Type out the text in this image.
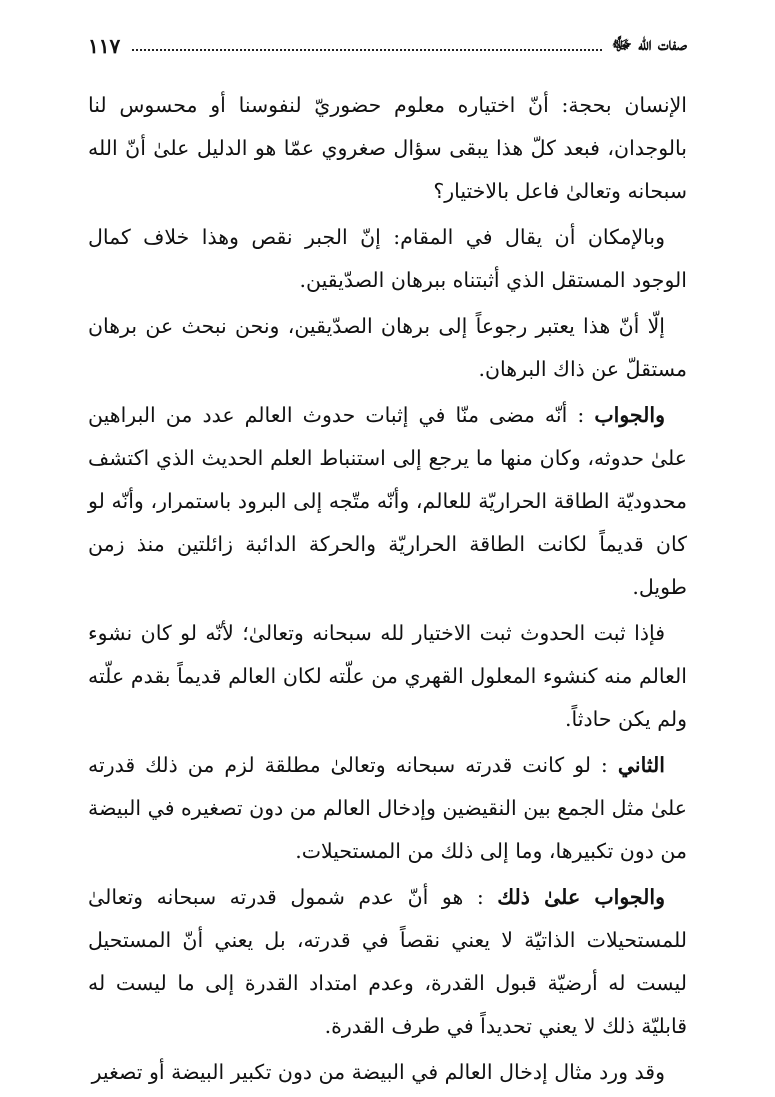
١١٧	صفات الله ﷻ

الإنسان بحجة: أنّ اختياره معلوم حضوريّ لنفوسنا أو محسوس لنا بالوجدان، فبعد كلّ هذا يبقى سؤال صغروي عمّا هو الدليل علىٰ أنّ الله سبحانه وتعالىٰ فاعل بالاختيار؟

وبالإمكان أن يقال في المقام: إنّ الجبر نقص وهذا خلاف كمال الوجود المستقل الذي أثبتناه ببرهان الصدّيقين.

إلّا أنّ هذا يعتبر رجوعاً إلى برهان الصدّيقين، ونحن نبحث عن برهان مستقلّ عن ذاك البرهان.

والجواب : أنّه مضى منّا في إثبات حدوث العالم عدد من البراهين علىٰ حدوثه، وكان منها ما يرجع إلى استنباط العلم الحديث الذي اكتشف محدوديّة الطاقة الحراريّة للعالم، وأنّه متّجه إلى البرود باستمرار، وأنّه لو كان قديماً لكانت الطاقة الحراريّة والحركة الدائبة زائلتين منذ زمن طويل.

فإذا ثبت الحدوث ثبت الاختيار لله سبحانه وتعالىٰ؛ لأنّه لو كان نشوء العالم منه كنشوء المعلول القهري من علّته لكان العالم قديماً بقدم علّته ولم يكن حادثاً.

الثاني : لو كانت قدرته سبحانه وتعالىٰ مطلقة لزم من ذلك قدرته علىٰ مثل الجمع بين النقيضين وإدخال العالم من دون تصغيره في البيضة من دون تكبيرها، وما إلى ذلك من المستحيلات.

والجواب علىٰ ذلك : هو أنّ عدم شمول قدرته سبحانه وتعالىٰ للمستحيلات الذاتيّة لا يعني نقصاً في قدرته، بل يعني أنّ المستحيل ليست له أرضيّة قبول القدرة، وعدم امتداد القدرة إلى ما ليست له قابليّة ذلك لا يعني تحديداً في طرف القدرة.

وقد ورد مثال إدخال العالم في البيضة من دون تكبير البيضة أو تصغير
